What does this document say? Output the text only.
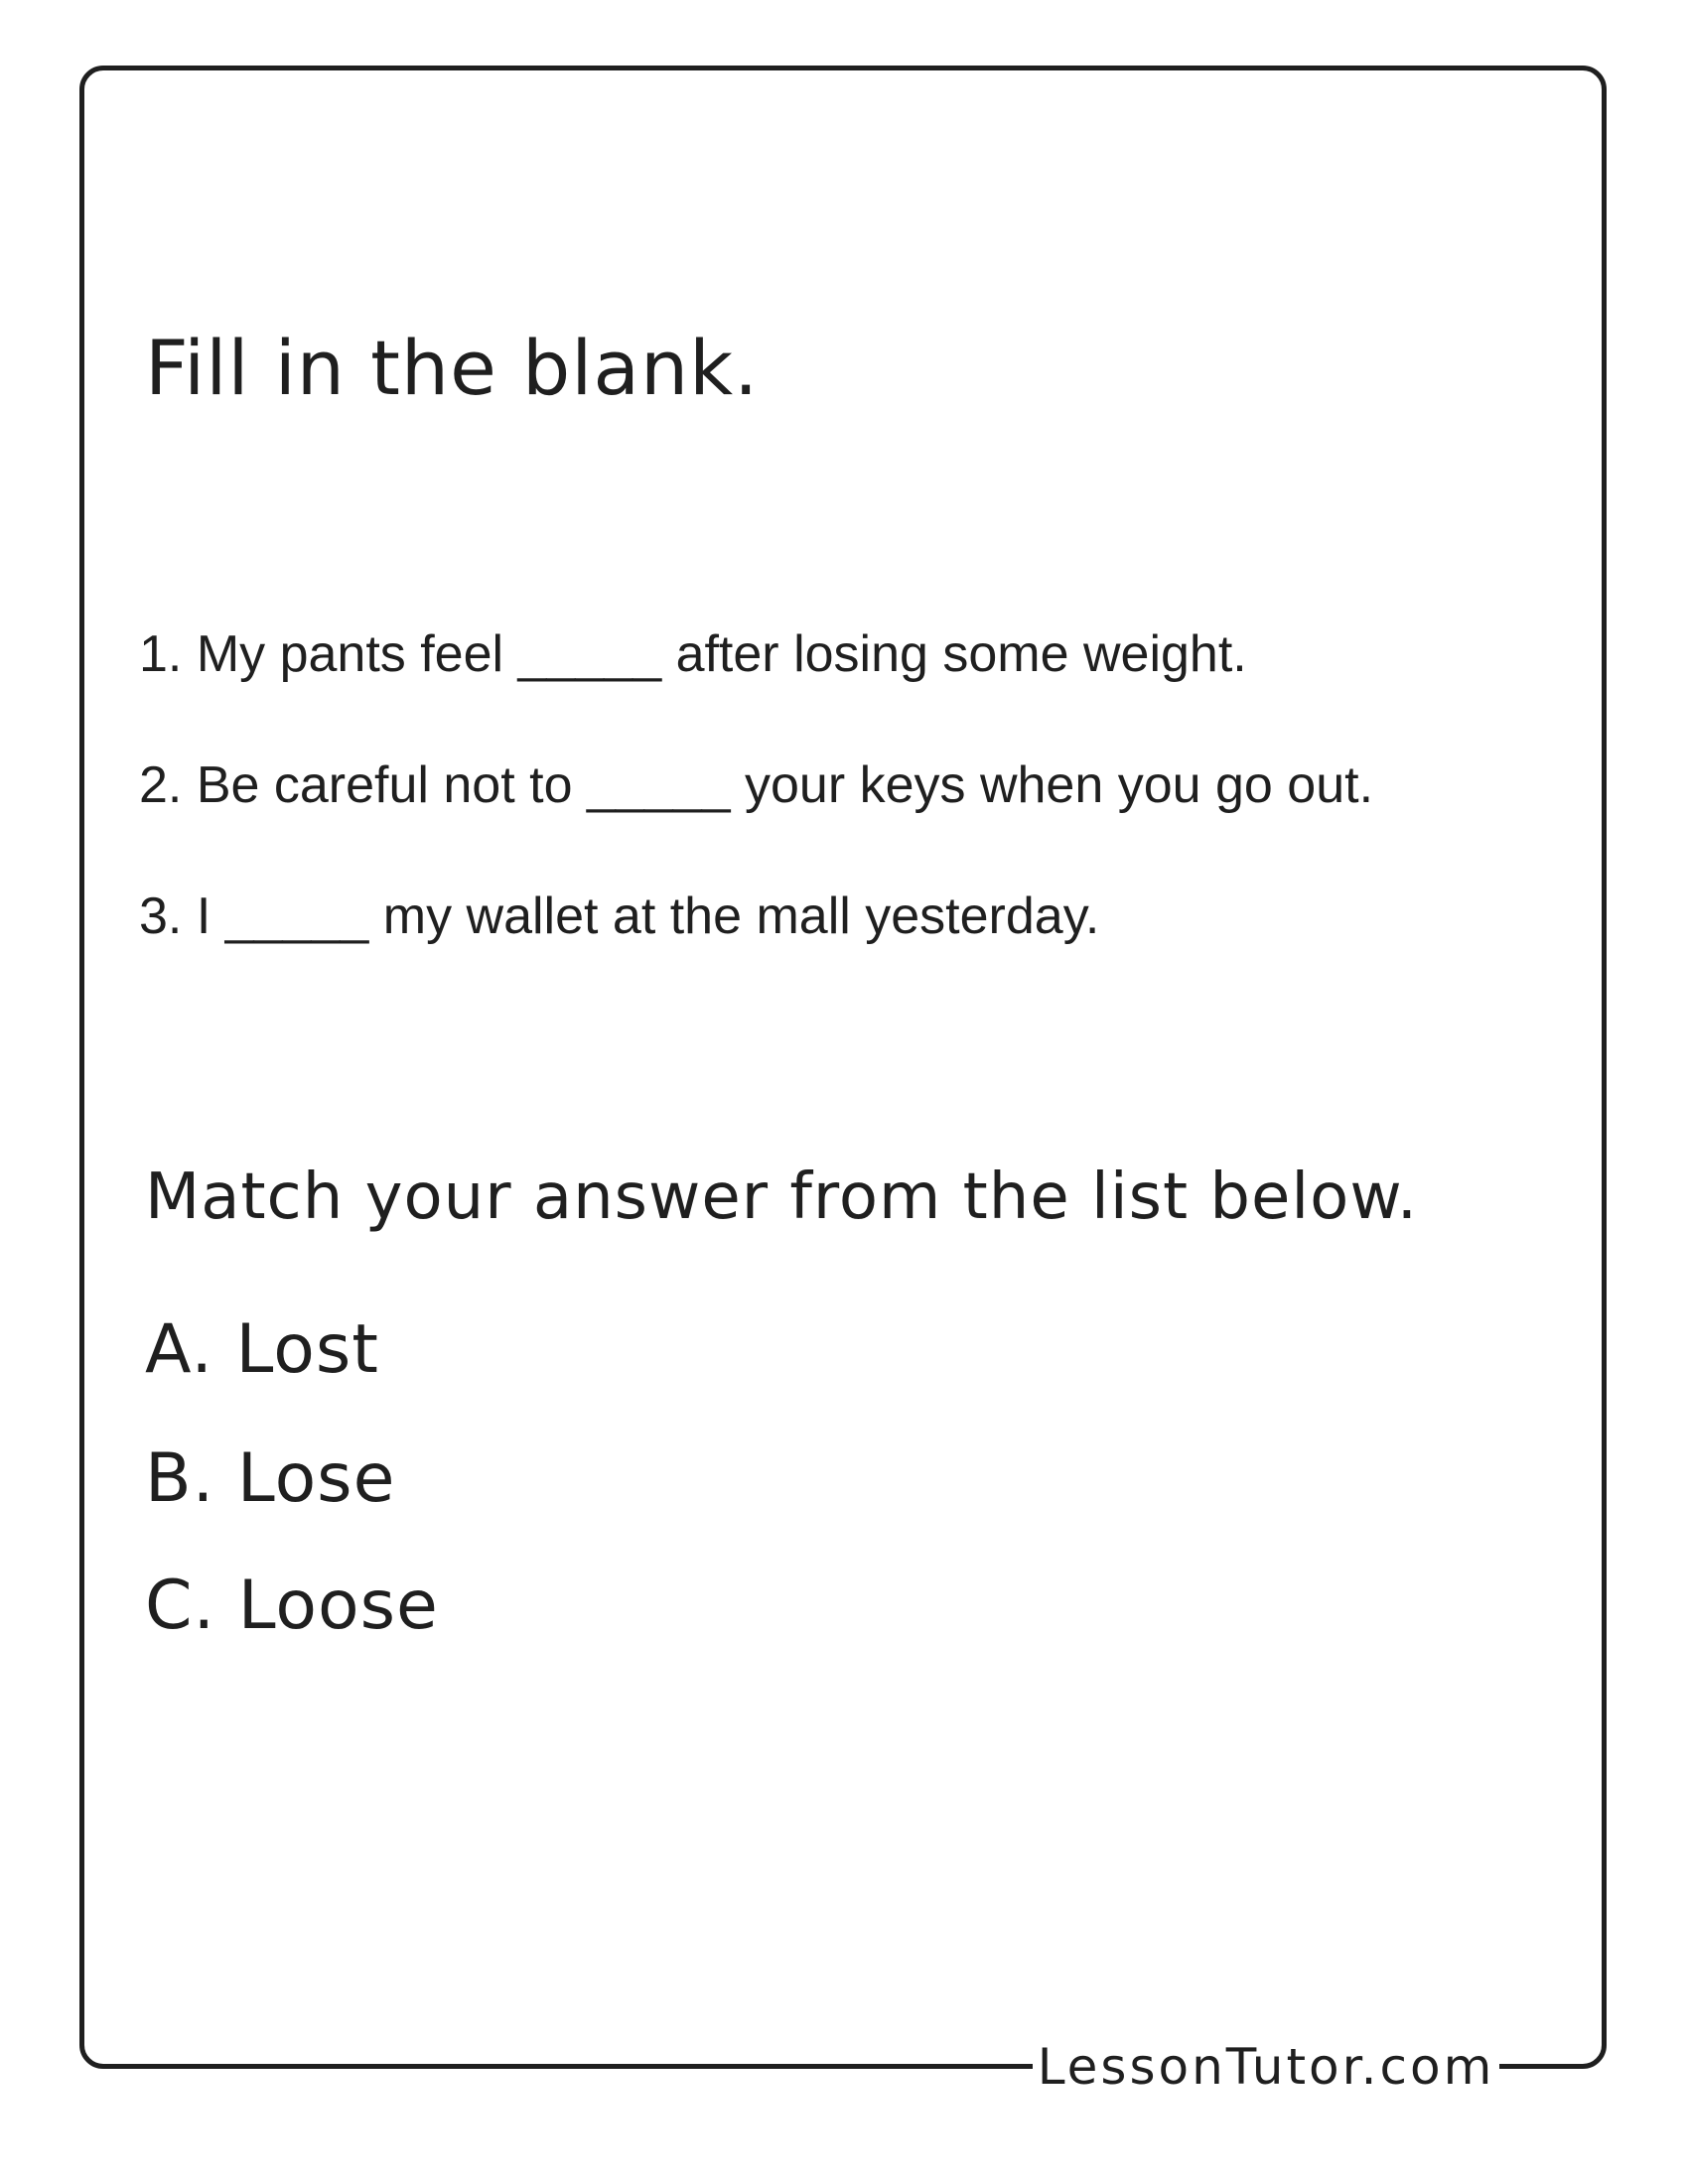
LessonTutor.com
Fill in the blank.

1. My pants feel _____ after losing some weight.

2. Be careful not to _____ your keys when you go out.

3. I _____ my wallet at the mall yesterday.

Match your answer from the list below.

A. Lost

B. Lose

C. Loose
